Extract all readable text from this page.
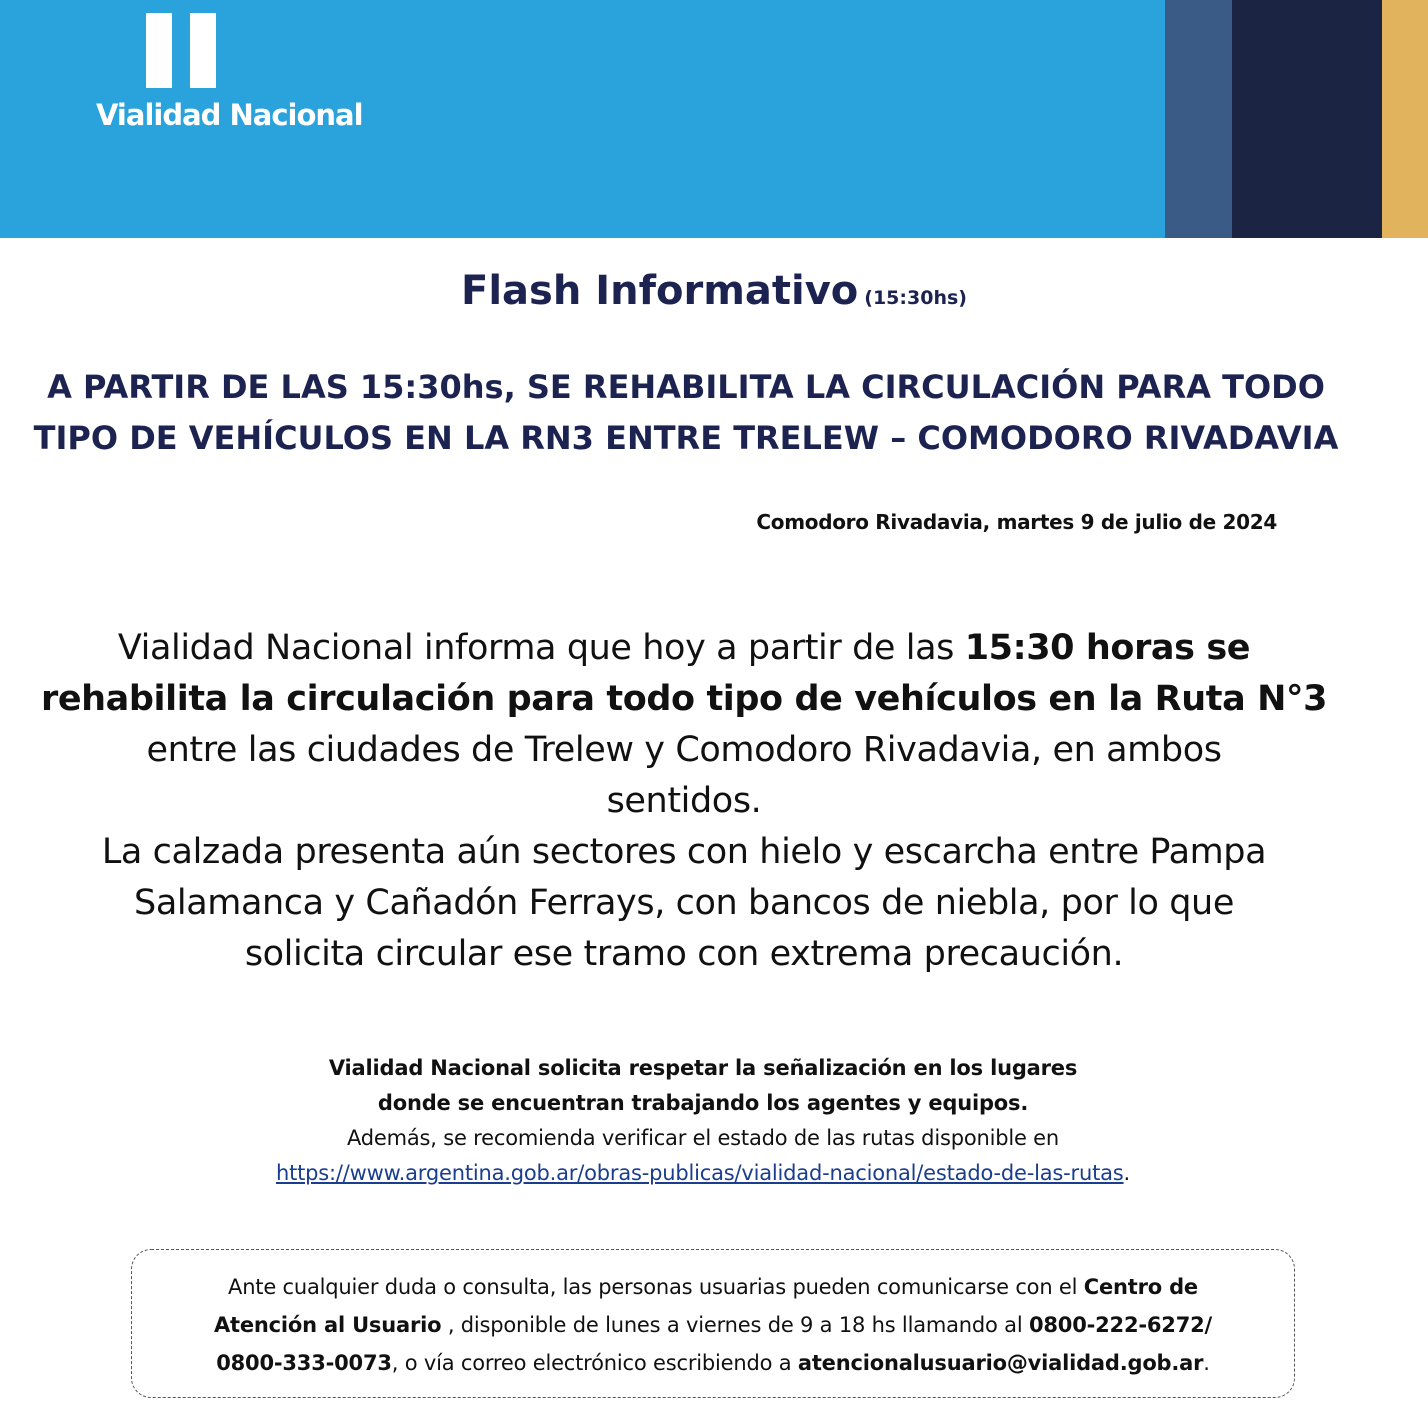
Vialidad Nacional
Flash Informativo (15:30hs)
A PARTIR DE LAS 15:30hs, SE REHABILITA LA CIRCULACIÓN PARA TODO
TIPO DE VEHÍCULOS EN LA RN3 ENTRE TRELEW – COMODORO RIVADAVIA
Comodoro Rivadavia, martes 9 de julio de 2024
Vialidad Nacional informa que hoy a partir de las 15:30 horas se
rehabilita la circulación para todo tipo de vehículos en la Ruta N°3
entre las ciudades de Trelew y Comodoro Rivadavia, en ambos
sentidos.
La calzada presenta aún sectores con hielo y escarcha entre Pampa
Salamanca y Cañadón Ferrays, con bancos de niebla, por lo que
solicita circular ese tramo con extrema precaución.
Vialidad Nacional solicita respetar la señalización en los lugares
donde se encuentran trabajando los agentes y equipos.
Además, se recomienda verificar el estado de las rutas disponible en
https://www.argentina.gob.ar/obras-publicas/vialidad-nacional/estado-de-las-rutas.
Ante cualquier duda o consulta, las personas usuarias pueden comunicarse con el Centro de
Atención al Usuario , disponible de lunes a viernes de 9 a 18 hs llamando al 0800-222-6272/
0800-333-0073, o vía correo electrónico escribiendo a atencionalusuario@vialidad.gob.ar.
